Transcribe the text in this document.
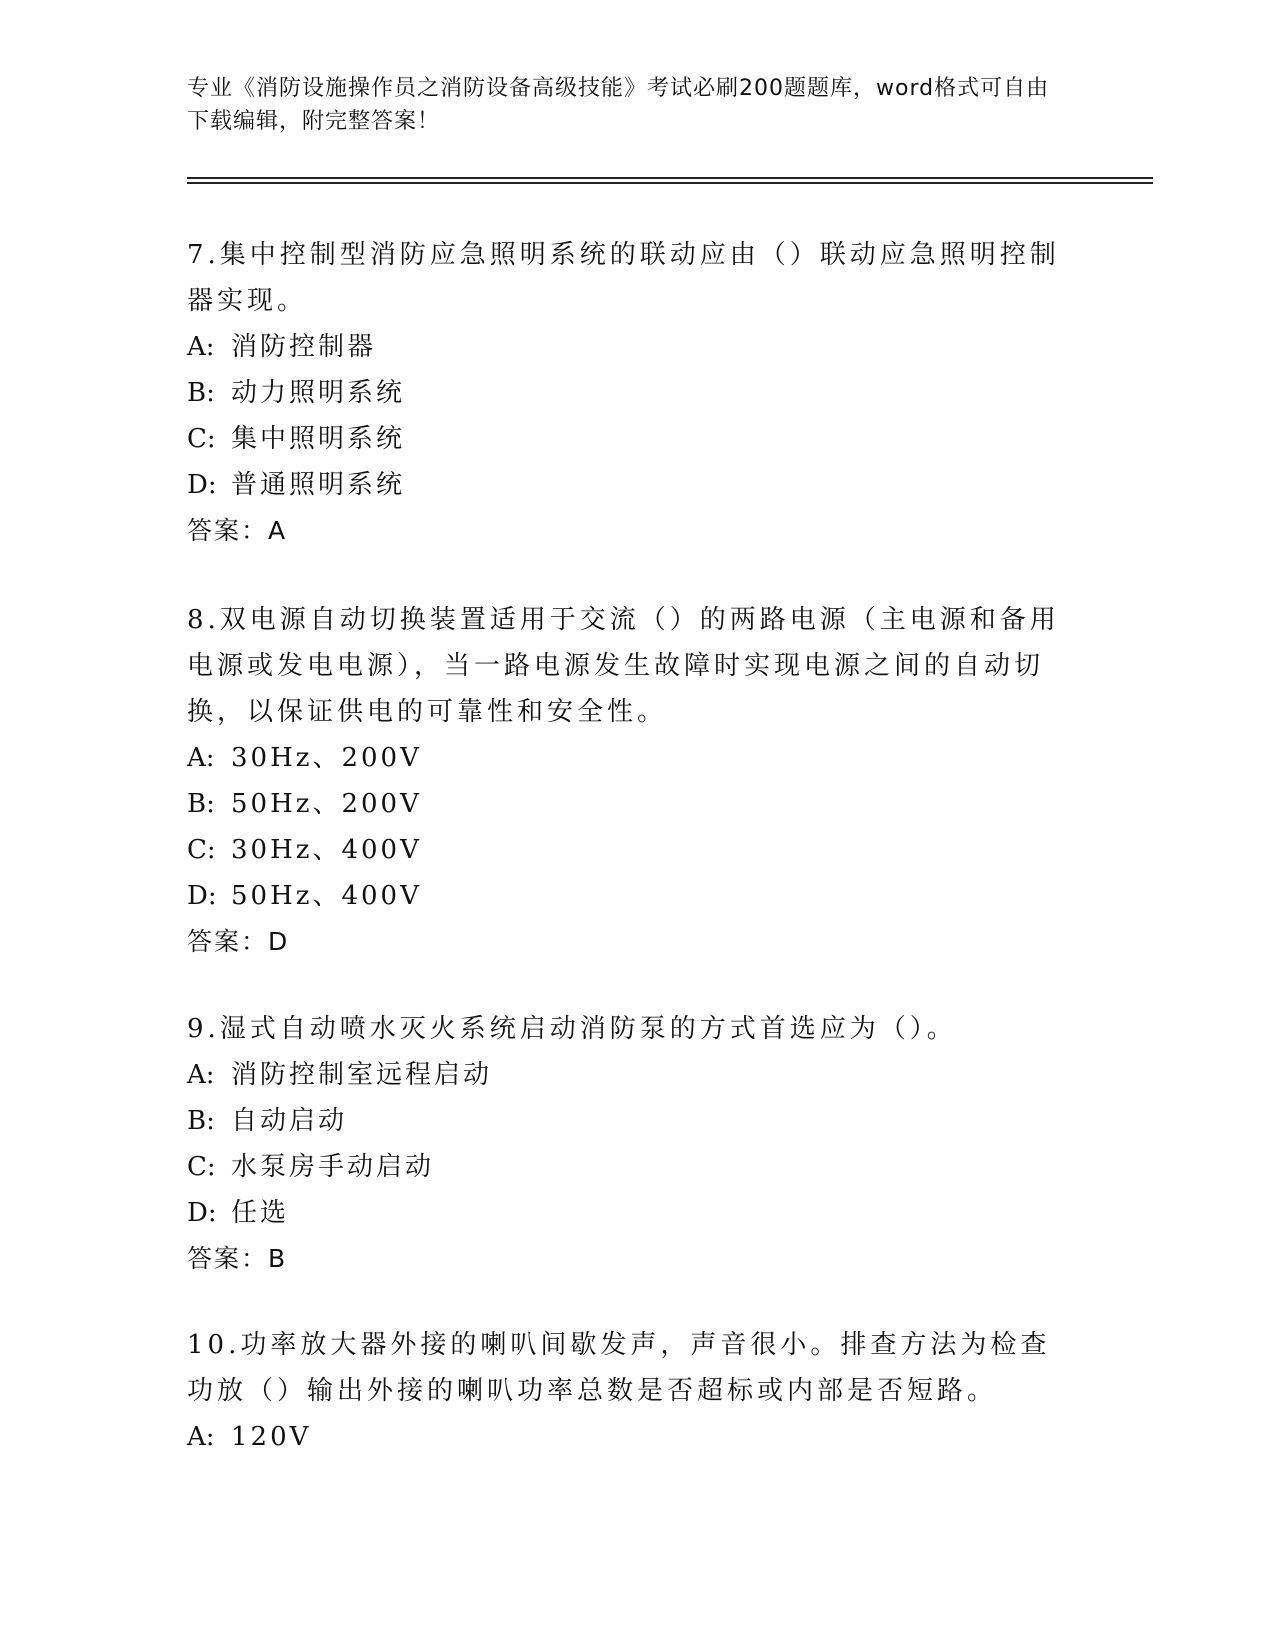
专业《消防设施操作员之消防设备高级技能》考试必刷200题题库，word格式可自由下载编辑，附完整答案！

7.集中控制型消防应急照明系统的联动应由（）联动应急照明控制器实现。

A: 消防控制器

B: 动力照明系统

C: 集中照明系统

D: 普通照明系统

答案：A

8.双电源自动切换装置适用于交流（）的两路电源（主电源和备用电源或发电电源），当一路电源发生故障时实现电源之间的自动切换，以保证供电的可靠性和安全性。

A: 30Hz、200V

B: 50Hz、200V

C: 30Hz、400V

D: 50Hz、400V

答案：D

9.湿式自动喷水灭火系统启动消防泵的方式首选应为（）。

A: 消防控制室远程启动

B: 自动启动

C: 水泵房手动启动

D: 任选

答案：B

10.功率放大器外接的喇叭间歇发声，声音很小。排查方法为检查功放（）输出外接的喇叭功率总数是否超标或内部是否短路。

A: 120V
